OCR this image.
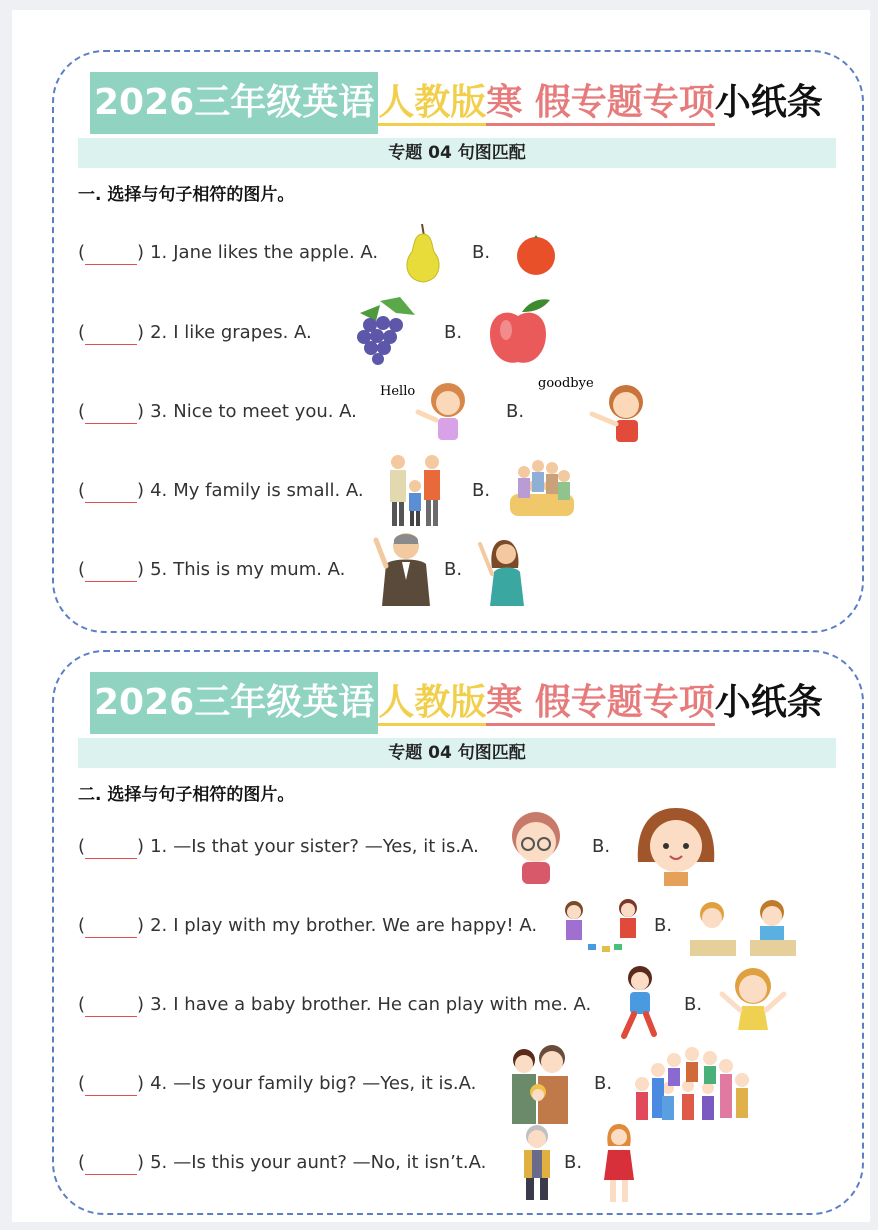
2026三年级英语 人教版寒 假专题专项小纸条
专题 04 句图匹配
一. 选择与句子相符的图片。
(	) 1. Jane likes the apple. A.	B.
(	) 2. I like grapes. A.	B.
(	) 3. Nice to meet you. A.
Hello
B.
goodbye
(	) 4. My family is small. A.	B.
(	) 5. This is my mum. A.	B.
2026三年级英语 人教版寒 假专题专项小纸条
专题 04 句图匹配
二. 选择与句子相符的图片。
(	) 1. —Is that your sister? —Yes, it is.A.	B.
(	) 2. I play with my brother. We are happy! A.	B.
(	) 3. I have a baby brother. He can play with me. A.	B.
(	) 4. —Is your family big? —Yes, it is.A.	B.
(	) 5. —Is this your aunt? —No, it isn’t.A.	B.
